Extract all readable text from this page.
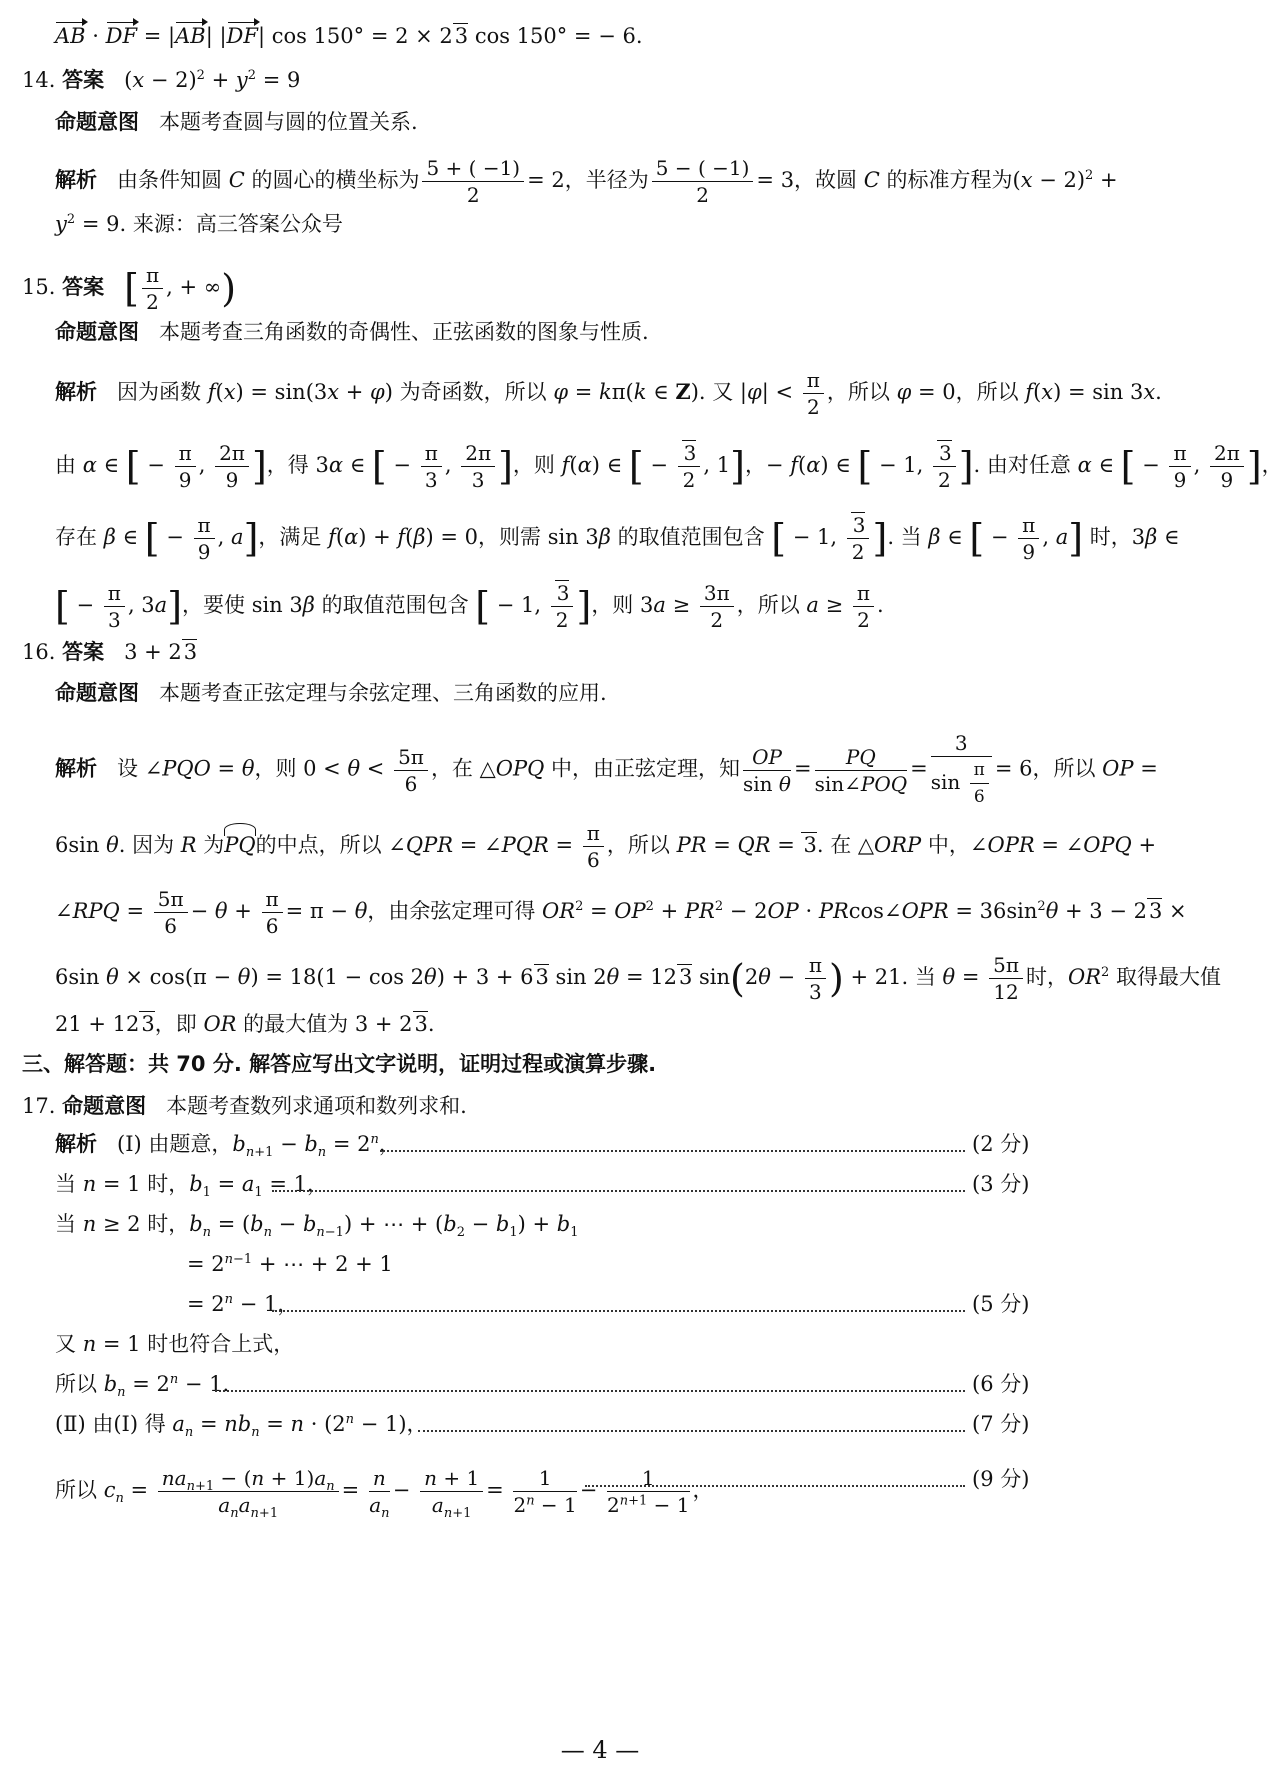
AB · DF = |AB| |DF| cos 150° = 2 × 23 cos 150° = − 6.
14. 答案   $(x - 2)^2 + y^2 = 9$
命题意图 本题考查圆与圆的位置关系.
解析   由条件知圆 C 的圆心的横坐标为 $\frac{5 + ( -1)}{2} = 2$，半径为 $\frac{5 - ( -1)}{2} = 3$，故圆 C 的标准方程为$(x - 2)^2$ +
$y^2 = 9$. 来源：高三答案公众号
15. 答案 [ $\frac{\pi}{2}$ , + ∞)
命题意图 本题考查三角函数的奇偶性、正弦函数的图象与性质.
解析   因为函数 f(x) = sin(3x + φ) 为奇函数，所以 φ = kπ(k ∈ Z). 又 $|\varphi| < \frac{\pi}{2}$ ，所以 φ = 0，所以 f(x) = sin 3x.
由 α ∈ [ − $\frac{\pi}{9}$ , $\frac{2\pi}{9}$ ]，得 3α ∈ [ − $\frac{\pi}{3}$ , $\frac{2\pi}{3}$ ]，则 f(α) ∈ [ − $\frac{3}{2}$ , 1]，− f(α) ∈ [ − 1, $\frac{3}{2}$ ]. 由对任意 α ∈ [ − $\frac{\pi}{9}$ , $\frac{2\pi}{9}$ ]，
存在 β ∈ [ − $\frac{\pi}{9}$ , a]，满足 f(α) + f(β) = 0，则需 sin 3β 的取值范围包含 [ − 1, $\frac{3}{2}$ ]. 当 β ∈ [ − $\frac{\pi}{9}$ , a] 时，3β ∈
[ − $\frac{\pi}{3}$ , 3a]，要使 sin 3β 的取值范围包含 [ − 1, $\frac{3}{2}$ ]，则 $3a \ge \frac{3\pi}{2}$ ，所以 $a \ge \frac{\pi}{2}$ .
16. 答案   3 + 23
命题意图 本题考查正弦定理与余弦定理、三角函数的应用.
解析   设 ∠PQO = θ，则 $0 < \theta < \frac{5\pi}{6}$ ，在 △OPQ 中，由正弦定理，知 $\frac{OP}{\text{sin θ}} = \frac{PQ}{\text{sin∠POQ}} = \frac{3}{\sin \frac{\pi}{6}} = 6$，所以 OP =
6sin θ. 因为 R 为PQ的中点，所以 ∠QPR = ∠PQR = $\frac{\pi}{6}$ ，所以 PR = QR = 3. 在 △ORP 中，∠OPR = ∠OPQ +
∠RPQ = $\frac{5\pi}{6} - \theta + \frac{\pi}{6} = \pi - \theta$，由余弦定理可得 $OR^2 = OP^2 + PR^2 - 2OP$ · PRcos∠OPR = $36\sin^2\theta + 3 - 23$ ×
6sin θ × cos(π − θ) = 18(1 − cos 2θ) + 3 + 63 sin 2θ = 123 $\sin(2\theta - \frac{\pi}{3}$ ) + 21. 当 $\theta = \frac{5\pi}{12}$ 时，$OR^2$ 取得最大值
21 + 123，即 OR 的最大值为 3 + 23.
三、解答题：共 70 分. 解答应写出文字说明，证明过程或演算步骤.
17. 命题意图 本题考查数列求通项和数列求和.
解析   (Ⅰ) 由题意，$b_{n+1} - b_n = 2^n$，	(2 分)
当 n = 1 时，$b_1 = a_1 = 1$，	(3 分)
当 n ≥ 2 时，$b_n = (b_n - b_{n-1})$ + ⋯ + $(b_2 - b_1) + b_1$
= $2^{n-1}$ + ⋯ + 2 + 1
= $2^n - 1$，	(5 分)
又 n = 1 时也符合上式，
所以 $b_n = 2^n - 1$.	(6 分)
(Ⅱ) 由(Ⅰ) 得 $a_n = nb_n = n \cdot (2^n - 1)$，	(7 分)
所以 $c_n = \frac{na_{n+1} - (n + 1)a_n}{a_na_{n+1}} = \frac{n}{a_n} - \frac{n + 1}{a_{n+1}} = \frac{1}{2^n - 1} - \frac{1}{2^{n+1} - 1}$ ，	(9 分)
— 4 —
